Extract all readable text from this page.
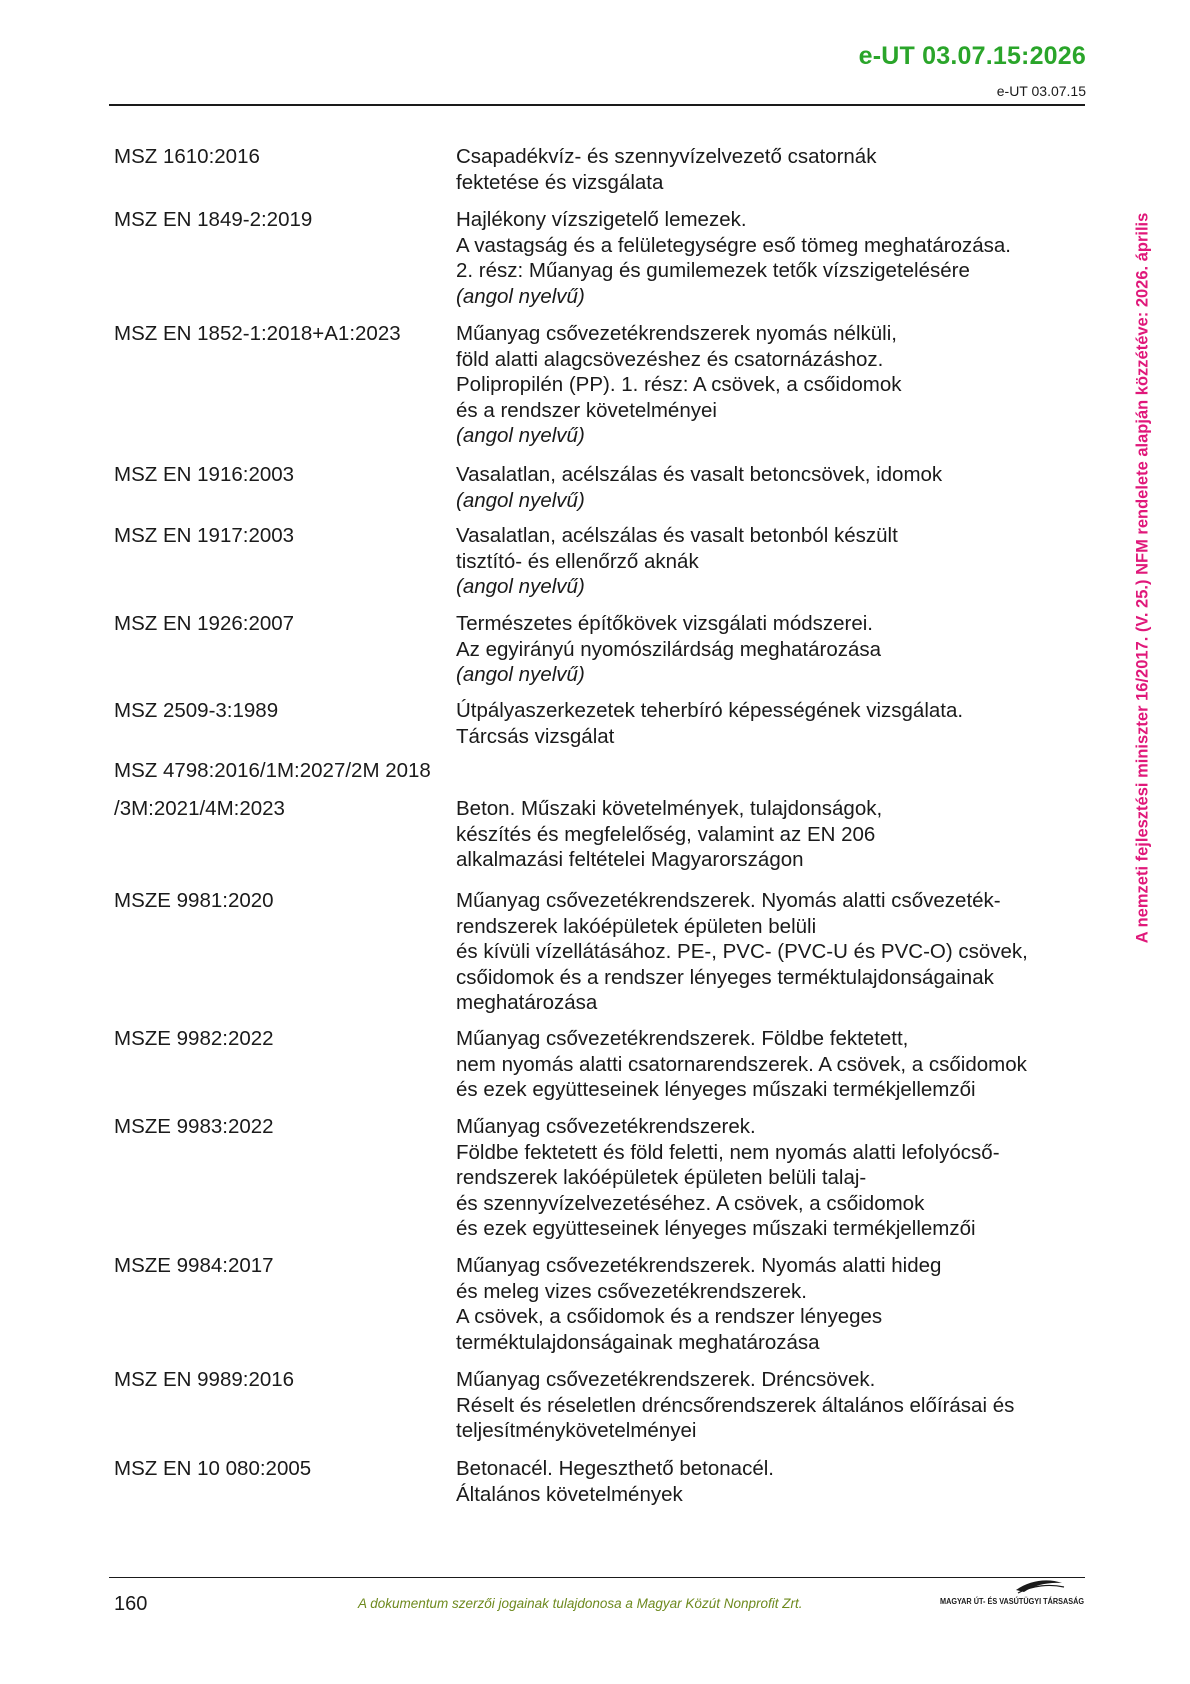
e-UT 03.07.15:2026
e-UT 03.07.15
A nemzeti fejlesztési miniszter 16/2017. (V. 25.) NFM rendelete alapján közzétéve: 2026. április
MSZ 1610:2016	Csapadékvíz- és szennyvízelvezető csatornák
fektetése és vizsgálata
MSZ EN 1849-2:2019	Hajlékony vízszigetelő lemezek.
A vastagság és a felületegységre eső tömeg meghatározása.
2. rész: Műanyag és gumilemezek tetők vízszigetelésére
(angol nyelvű)
MSZ EN 1852-1:2018+A1:2023	Műanyag csővezetékrendszerek nyomás nélküli,
föld alatti alagcsövezéshez és csatornázáshoz.
Polipropilén (PP). 1. rész: A csövek, a csőidomok
és a rendszer követelményei
(angol nyelvű)
MSZ EN 1916:2003	Vasalatlan, acélszálas és vasalt betoncsövek, idomok
(angol nyelvű)
MSZ EN 1917:2003	Vasalatlan, acélszálas és vasalt betonból készült
tisztító- és ellenőrző aknák
(angol nyelvű)
MSZ EN 1926:2007	Természetes építőkövek vizsgálati módszerei.
Az egyirányú nyomószilárdság meghatározása
(angol nyelvű)
MSZ 2509-3:1989	Útpályaszerkezetek teherbíró képességének vizsgálata.
Tárcsás vizsgálat
MSZ 4798:2016/1M:2027/2M 2018
/3M:2021/4M:2023	Beton. Műszaki követelmények, tulajdonságok,
készítés és megfelelőség, valamint az EN 206
alkalmazási feltételei Magyarországon
MSZE 9981:2020	Műanyag csővezetékrendszerek. Nyomás alatti csővezeték-
rendszerek lakóépületek épületen belüli
és kívüli vízellátásához. PE-, PVC- (PVC-U és PVC-O) csövek,
csőidomok és a rendszer lényeges terméktulajdonságainak
meghatározása
MSZE 9982:2022	Műanyag csővezetékrendszerek. Földbe fektetett,
nem nyomás alatti csatornarendszerek. A csövek, a csőidomok
és ezek együtteseinek lényeges műszaki termékjellemzői
MSZE 9983:2022	Műanyag csővezetékrendszerek.
Földbe fektetett és föld feletti, nem nyomás alatti lefolyócső-
rendszerek lakóépületek épületen belüli talaj-
és szennyvízelvezetéséhez. A csövek, a csőidomok
és ezek együtteseinek lényeges műszaki termékjellemzői
MSZE 9984:2017	Műanyag csővezetékrendszerek. Nyomás alatti hideg
és meleg vizes csővezetékrendszerek.
A csövek, a csőidomok és a rendszer lényeges
terméktulajdonságainak meghatározása
MSZ EN 9989:2016	Műanyag csővezetékrendszerek. Dréncsövek.
Réselt és réseletlen dréncsőrendszerek általános előírásai és
teljesítménykövetelményei
MSZ EN 10 080:2005	Betonacél. Hegeszthető betonacél.
Általános követelmények
160	A dokumentum szerzői jogainak tulajdonosa a Magyar Közút Nonprofit Zrt.	MAGYAR ÚT- ÉS VASÚTÜGYI TÁRSASÁG
